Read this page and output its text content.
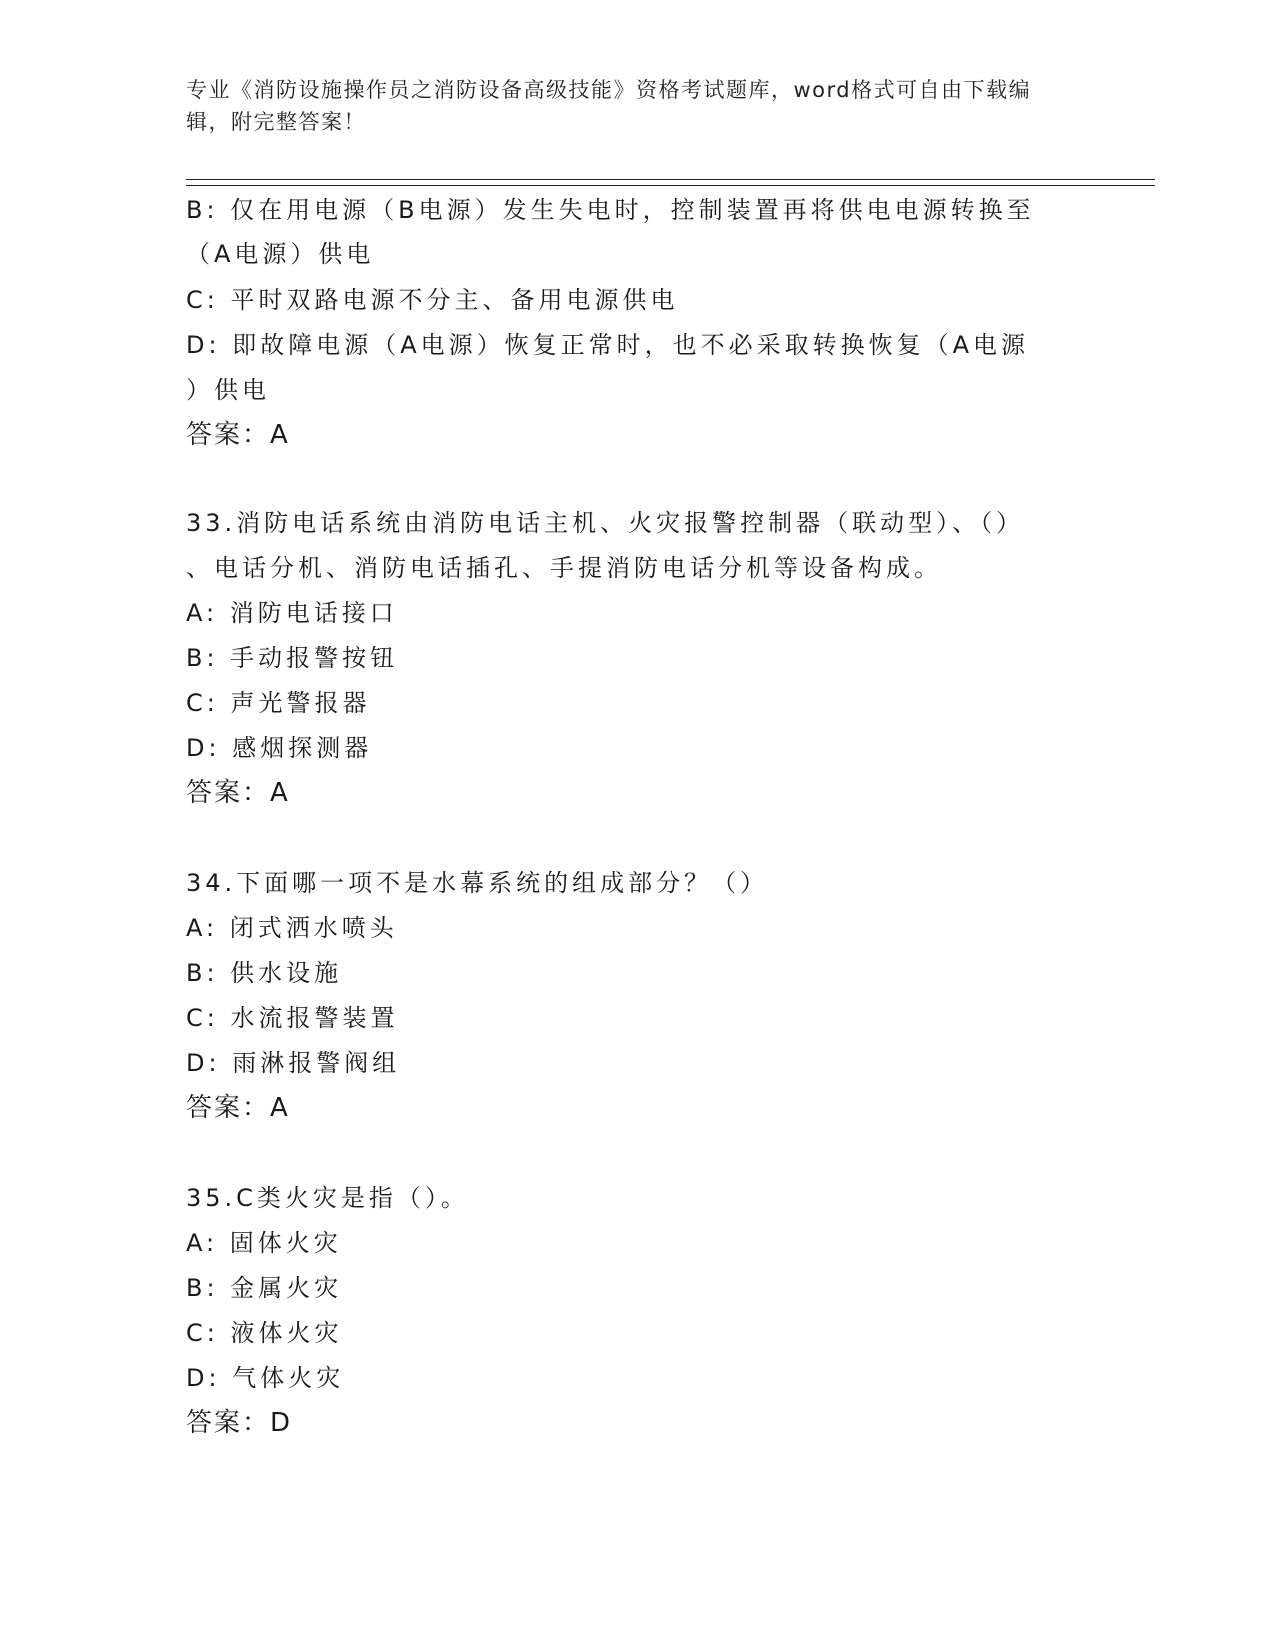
专业《消防设施操作员之消防设备高级技能》资格考试题库，word格式可自由下载编辑，附完整答案！
B: 仅在用电源（B电源）发生失电时，控制装置再将供电电源转换至
（A电源）供电
C: 平时双路电源不分主、备用电源供电
D: 即故障电源（A电源）恢复正常时，也不必采取转换恢复（A电源
）供电
答案：A
33.消防电话系统由消防电话主机、火灾报警控制器（联动型）、（）
、电话分机、消防电话插孔、手提消防电话分机等设备构成。
A: 消防电话接口
B: 手动报警按钮
C: 声光警报器
D: 感烟探测器
答案：A
34.下面哪一项不是水幕系统的组成部分？（）
A: 闭式洒水喷头
B: 供水设施
C: 水流报警装置
D: 雨淋报警阀组
答案：A
35.C类火灾是指（）。
A: 固体火灾
B: 金属火灾
C: 液体火灾
D: 气体火灾
答案：D
